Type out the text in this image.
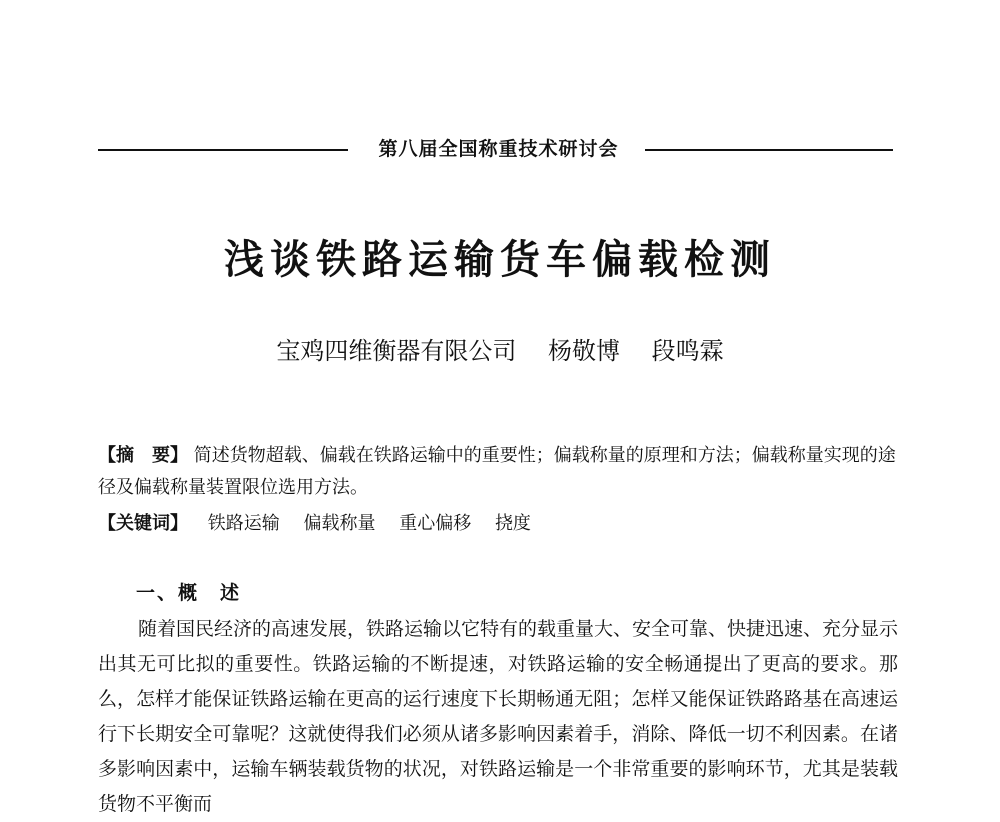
第八届全国称重技术研讨会
浅谈铁路运输货车偏载检测
宝鸡四维衡器有限公司 杨敬博 段鸣霖
【摘　要】 简述货物超载、偏载在铁路运输中的重要性；偏载称量的原理和方法；偏载称量实现的途径及偏载称量装置限位选用方法。
【关键词】 铁路运输 偏载称量 重心偏移 挠度
一、概　述
随着国民经济的高速发展，铁路运输以它特有的载重量大、安全可靠、快捷迅速、充分显示出其无可比拟的重要性。铁路运输的不断提速，对铁路运输的安全畅通提出了更高的要求。那么，怎样才能保证铁路运输在更高的运行速度下长期畅通无阻；怎样又能保证铁路路基在高速运行下长期安全可靠呢？这就使得我们必须从诸多影响因素着手，消除、降低一切不利因素。在诸多影响因素中，运输车辆装载货物的状况，对铁路运输是一个非常重要的影响环节，尤其是装载货物不平衡而
